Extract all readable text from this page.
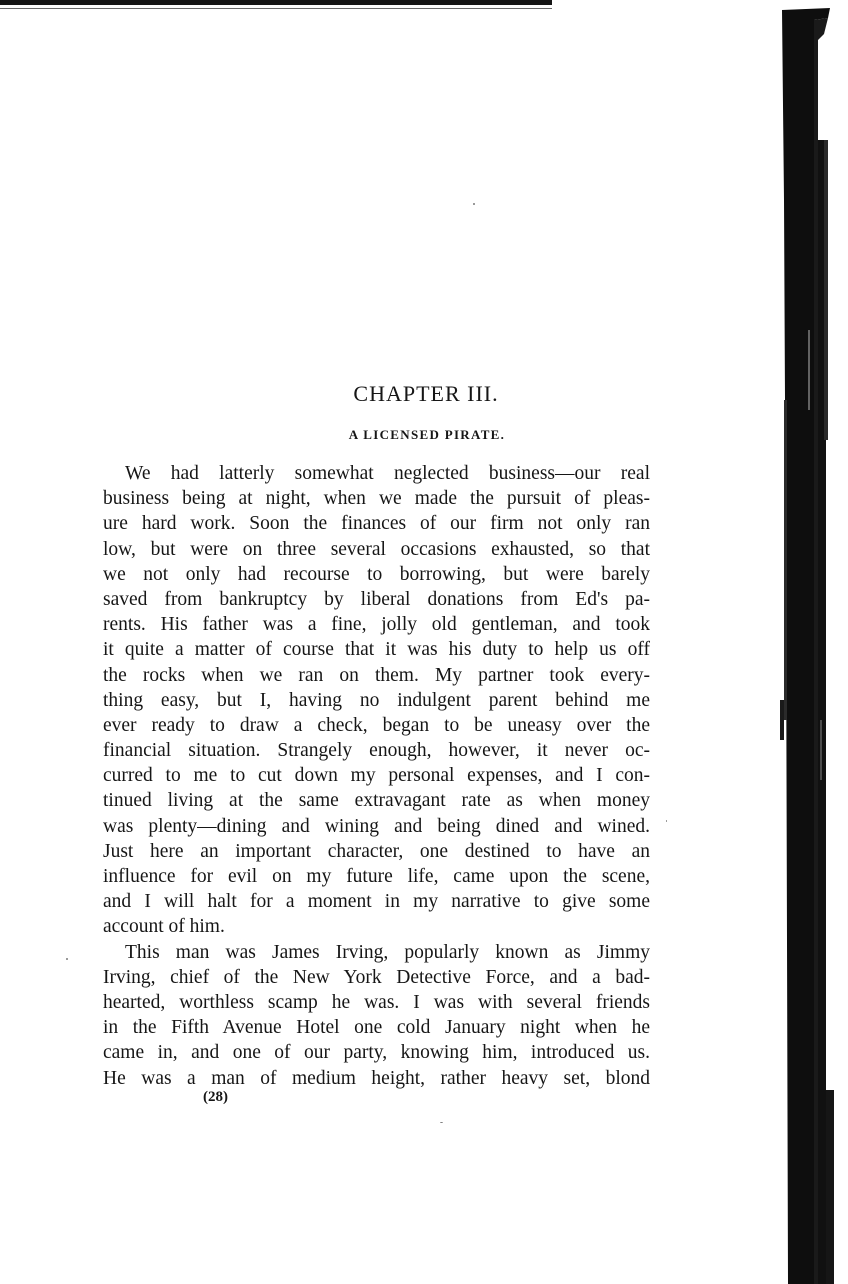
CHAPTER III.
A LICENSED PIRATE.

We had latterly somewhat neglected business—our real
business being at night, when we made the pursuit of pleas-
ure hard work. Soon the finances of our firm not only ran
low, but were on three several occasions exhausted, so that
we not only had recourse to borrowing, but were barely
saved from bankruptcy by liberal donations from Ed's pa-
rents. His father was a fine, jolly old gentleman, and took
it quite a matter of course that it was his duty to help us off
the rocks when we ran on them. My partner took every-
thing easy, but I, having no indulgent parent behind me
ever ready to draw a check, began to be uneasy over the
financial situation. Strangely enough, however, it never oc-
curred to me to cut down my personal expenses, and I con-
tinued living at the same extravagant rate as when money
was plenty—dining and wining and being dined and wined.
Just here an important character, one destined to have an
influence for evil on my future life, came upon the scene,
and I will halt for a moment in my narrative to give some
account of him.

This man was James Irving, popularly known as Jimmy
Irving, chief of the New York Detective Force, and a bad-
hearted, worthless scamp he was. I was with several friends
in the Fifth Avenue Hotel one cold January night when he
came in, and one of our party, knowing him, introduced us.
He was a man of medium height, rather heavy set, blond

(28)
